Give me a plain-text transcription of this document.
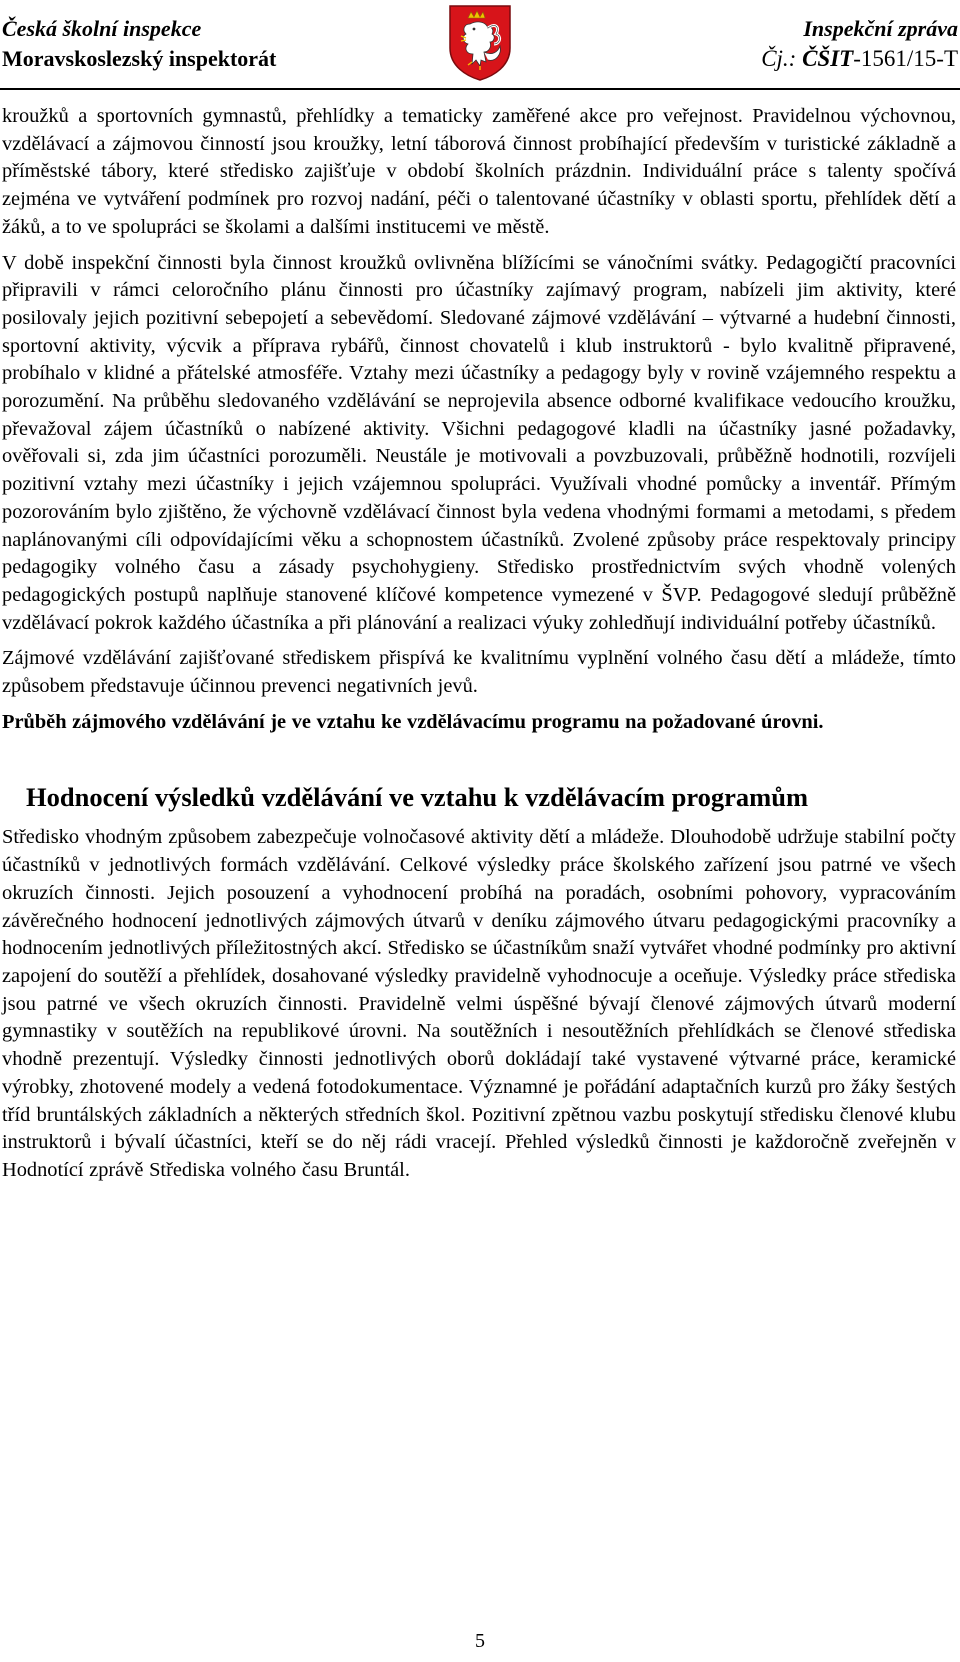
Česká školní inspekce
Moravskoslezský inspektorát
Inspekční zpráva
Čj.: ČŠIT-1561/15-T

kroužků a sportovních gymnastů, přehlídky a tematicky zaměřené akce pro veřejnost. Pravidelnou výchovnou, vzdělávací a zájmovou činností jsou kroužky, letní táborová činnost probíhající především v turistické základně a příměstské tábory, které středisko zajišťuje v období školních prázdnin. Individuální práce s talenty spočívá zejména ve vytváření podmínek pro rozvoj nadání, péči o talentované účastníky v oblasti sportu, přehlídek dětí a žáků, a to ve spolupráci se školami a dalšími institucemi ve městě.

V době inspekční činnosti byla činnost kroužků ovlivněna blížícími se vánočními svátky. Pedagogičtí pracovníci připravili v rámci celoročního plánu činnosti pro účastníky zajímavý program, nabízeli jim aktivity, které posilovaly jejich pozitivní sebepojetí a sebevědomí. Sledované zájmové vzdělávání – výtvarné a hudební činnosti, sportovní aktivity, výcvik a příprava rybářů, činnost chovatelů i klub instruktorů - bylo kvalitně připravené, probíhalo v klidné a přátelské atmosféře. Vztahy mezi účastníky a pedagogy byly v rovině vzájemného respektu a porozumění. Na průběhu sledovaného vzdělávání se neprojevila absence odborné kvalifikace vedoucího kroužku, převažoval zájem účastníků o nabízené aktivity. Všichni pedagogové kladli na účastníky jasné požadavky, ověřovali si, zda jim účastníci porozuměli. Neustále je motivovali a povzbuzovali, průběžně hodnotili, rozvíjeli pozitivní vztahy mezi účastníky i jejich vzájemnou spolupráci. Využívali vhodné pomůcky a inventář. Přímým pozorováním bylo zjištěno, že výchovně vzdělávací činnost byla vedena vhodnými formami a metodami, s předem naplánovanými cíli odpovídajícími věku a schopnostem účastníků. Zvolené způsoby práce respektovaly principy pedagogiky volného času a zásady psychohygieny. Středisko prostřednictvím svých vhodně volených pedagogických postupů naplňuje stanovené klíčové kompetence vymezené v ŠVP. Pedagogové sledují průběžně vzdělávací pokrok každého účastníka a při plánování a realizaci výuky zohledňují individuální potřeby účastníků.

Zájmové vzdělávání zajišťované střediskem přispívá ke kvalitnímu vyplnění volného času dětí a mládeže, tímto způsobem představuje účinnou prevenci negativních jevů.

Průběh zájmového vzdělávání je ve vztahu ke vzdělávacímu programu na požadované úrovni.

Hodnocení výsledků vzdělávání ve vztahu k vzdělávacím programům

Středisko vhodným způsobem zabezpečuje volnočasové aktivity dětí a mládeže. Dlouhodobě udržuje stabilní počty účastníků v jednotlivých formách vzdělávání. Celkové výsledky práce školského zařízení jsou patrné ve všech okruzích činnosti. Jejich posouzení a vyhodnocení probíhá na poradách, osobními pohovory, vypracováním závěrečného hodnocení jednotlivých zájmových útvarů v deníku zájmového útvaru pedagogickými pracovníky a hodnocením jednotlivých příležitostných akcí. Středisko se účastníkům snaží vytvářet vhodné podmínky pro aktivní zapojení do soutěží a přehlídek, dosahované výsledky pravidelně vyhodnocuje a oceňuje. Výsledky práce střediska jsou patrné ve všech okruzích činnosti. Pravidelně velmi úspěšné bývají členové zájmových útvarů moderní gymnastiky v soutěžích na republikové úrovni. Na soutěžních i nesoutěžních přehlídkách se členové střediska vhodně prezentují. Výsledky činnosti jednotlivých oborů dokládají také vystavené výtvarné práce, keramické výrobky, zhotovené modely a vedená fotodokumentace. Významné je pořádání adaptačních kurzů pro žáky šestých tříd bruntálských základních a některých středních škol. Pozitivní zpětnou vazbu poskytují středisku členové klubu instruktorů i bývalí účastníci, kteří se do něj rádi vracejí. Přehled výsledků činnosti je každoročně zveřejněn v Hodnotící zprávě Střediska volného času Bruntál.

5
